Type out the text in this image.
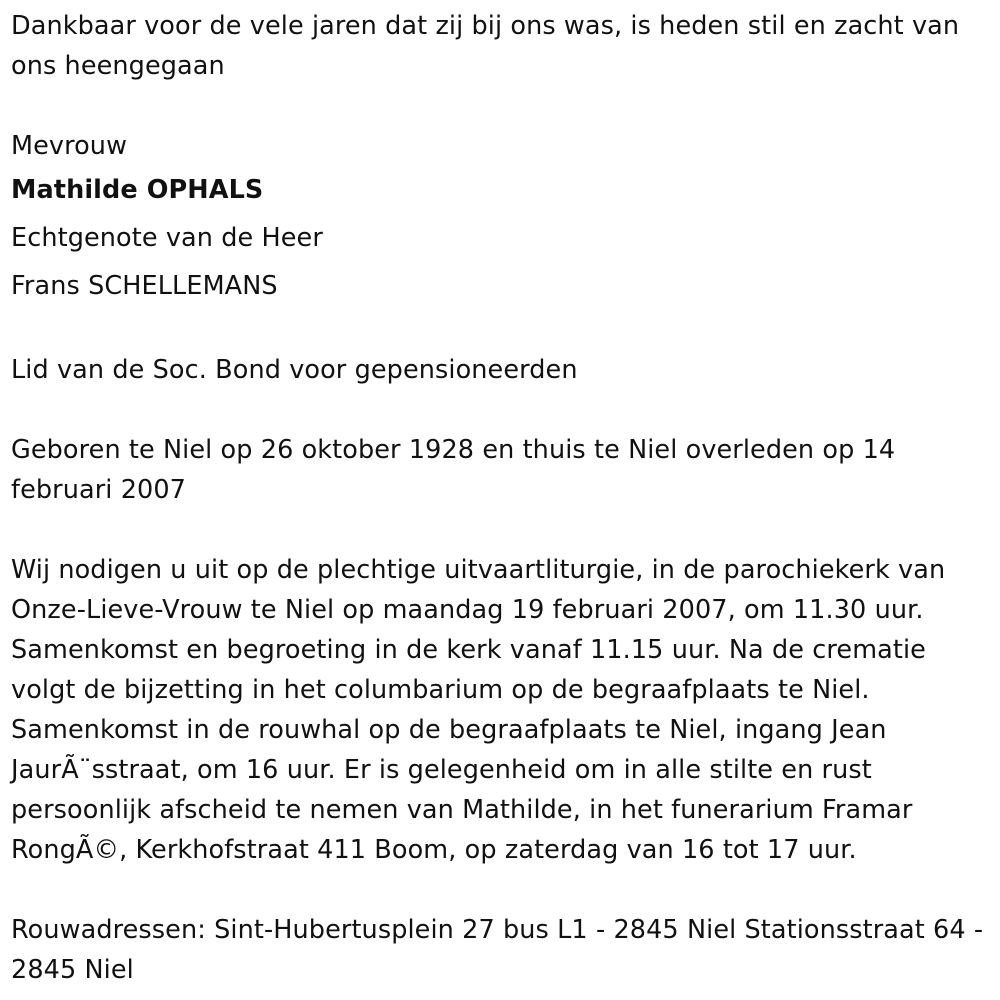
Dankbaar voor de vele jaren dat zij bij ons was, is heden stil en zacht van ons heengegaan

Mevrouw

Mathilde OPHALS

Echtgenote van de Heer

Frans SCHELLEMANS

Lid van de Soc. Bond voor gepensioneerden

Geboren te Niel op 26 oktober 1928 en thuis te Niel overleden op 14 februari 2007

Wij nodigen u uit op de plechtige uitvaartliturgie, in de parochiekerk van Onze-Lieve-Vrouw te Niel op maandag 19 februari 2007, om 11.30 uur. Samenkomst en begroeting in de kerk vanaf 11.15 uur. Na de crematie volgt de bijzetting in het columbarium op de begraafplaats te Niel. Samenkomst in de rouwhal op de begraafplaats te Niel, ingang Jean JaurÃ¨sstraat, om 16 uur. Er is gelegenheid om in alle stilte en rust persoonlijk afscheid te nemen van Mathilde, in het funerarium Framar RongÃ©, Kerkhofstraat 411 Boom, op zaterdag van 16 tot 17 uur.

Rouwadressen: Sint-Hubertusplein 27 bus L1 - 2845 Niel Stationsstraat 64 - 2845 Niel
